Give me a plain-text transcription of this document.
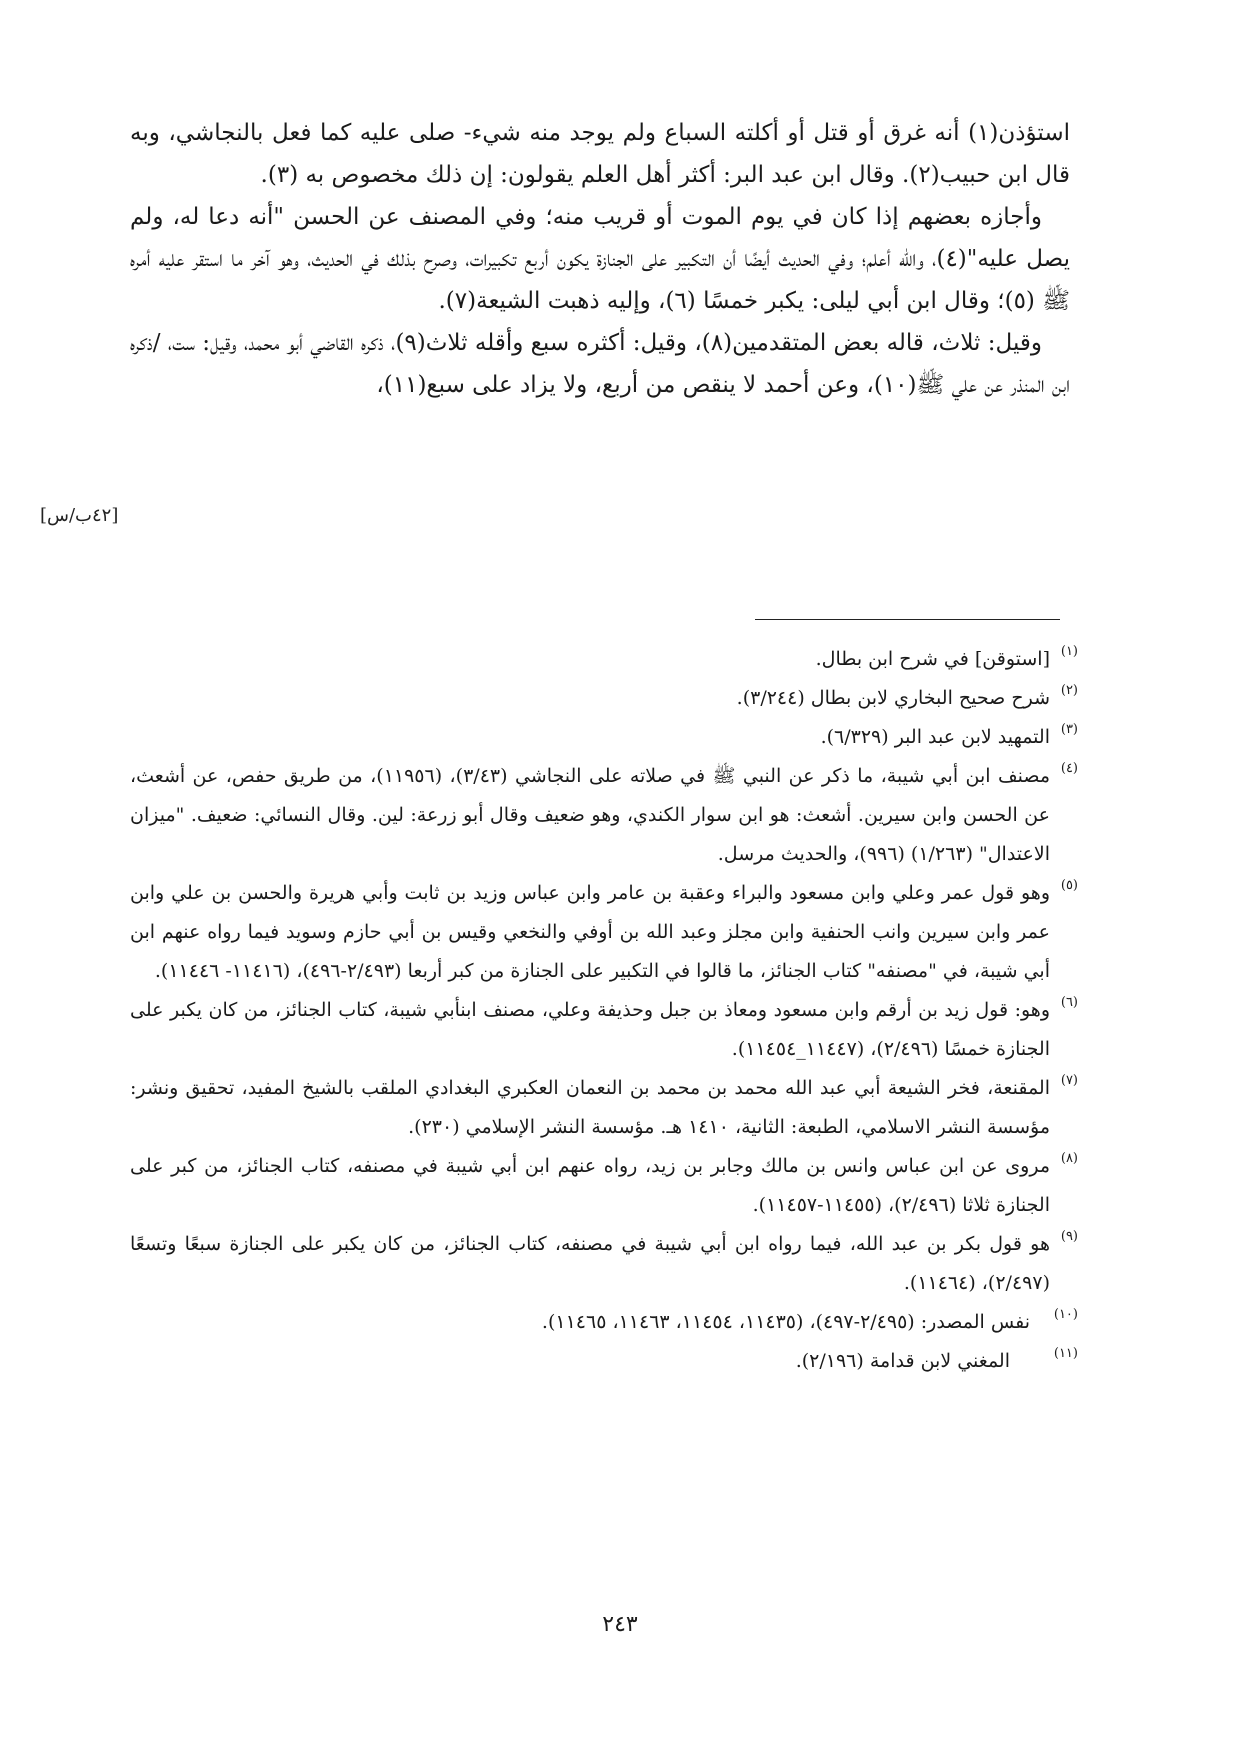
استؤذن(١) أنه غرق أو قتل أو أكلته السباع ولم يوجد منه شيء- صلى عليه كما فعل بالنجاشي، وبه قال ابن حبيب(٢). وقال ابن عبد البر: أكثر أهل العلم يقولون: إن ذلك مخصوص به (٣).

وأجازه بعضهم إذا كان في يوم الموت أو قريب منه؛ وفي المصنف عن الحسن "أنه دعا له، ولم يصل عليه"(٤)، والله أعلم؛ وفي الحديث أيضًا أن التكبير على الجنازة يكون أربع تكبيرات، وصرح بذلك في الحديث، وهو آخر ما استقر عليه أمره ﷺ (٥)؛ وقال ابن أبي ليلى: يكبر خمسًا (٦)، وإليه ذهبت الشيعة(٧).

وقيل: ثلاث، قاله بعض المتقدمين(٨)، وقيل: أكثره سبع وأقله ثلاث(٩)، ذكره القاضي أبو محمد، وقيل: ست، /ذكره ابن المنذر عن علي ﷺ(١٠)، وعن أحمد لا ينقص من أربع، ولا يزاد على سبع(١١)،

[٤٢ب/س]

(١)
[استوقن] في شرح ابن بطال.

(٢)
شرح صحيح البخاري لابن بطال (٣/٢٤٤).

(٣)
التمهيد لابن عبد البر (٦/٣٢٩).

(٤)
مصنف ابن أبي شيبة، ما ذكر عن النبي ﷺ في صلاته على النجاشي (٣/٤٣)، (١١٩٥٦)، من طريق حفص، عن أشعث، عن الحسن وابن سيرين. أشعث: هو ابن سوار الكندي، وهو ضعيف وقال أبو زرعة: لين. وقال النسائي: ضعيف. "ميزان الاعتدال" (١/٢٦٣) (٩٩٦)، والحديث مرسل.

(٥)
وهو قول عمر وعلي وابن مسعود والبراء وعقبة بن عامر وابن عباس وزيد بن ثابت وأبي هريرة والحسن بن علي وابن عمر وابن سيرين وانب الحنفية وابن مجلز وعبد الله بن أوفي والنخعي وقيس بن أبي حازم وسويد فيما رواه عنهم ابن أبي شيبة، في "مصنفه" كتاب الجنائز، ما قالوا في التكبير على الجنازة من كبر أربعا (٢/٤٩٣-٤٩٦)، (١١٤١٦- ١١٤٤٦).

(٦)
وهو: قول زيد بن أرقم وابن مسعود ومعاذ بن جبل وحذيفة وعلي، مصنف ابنأبي شيبة، كتاب الجنائز، من كان يكبر على الجنازة خمسًا (٢/٤٩٦)، (١١٤٤٧_١١٤٥٤).

(٧)
المقنعة، فخر الشيعة أبي عبد الله محمد بن محمد بن النعمان العكبري البغدادي الملقب بالشيخ المفيد، تحقيق ونشر: مؤسسة النشر الاسلامي، الطبعة: الثانية، ١٤١٠ هـ. مؤسسة النشر الإسلامي (٢٣٠).

(٨)
مروى عن ابن عباس وانس بن مالك وجابر بن زيد، رواه عنهم ابن أبي شيبة في مصنفه، كتاب الجنائز، من كبر على الجنازة ثلاثا (٢/٤٩٦)، (١١٤٥٥-١١٤٥٧).

(٩)
هو قول بكر بن عبد الله، فيما رواه ابن أبي شيبة في مصنفه، كتاب الجنائز، من كان يكبر على الجنازة سبعًا وتسعًا (٢/٤٩٧)، (١١٤٦٤).

(١٠)
نفس المصدر: (٢/٤٩٥-٤٩٧)، (١١٤٣٥، ١١٤٥٤، ١١٤٦٣، ١١٤٦٥).

(١١)
المغني لابن قدامة (٢/١٩٦).

٢٤٣
